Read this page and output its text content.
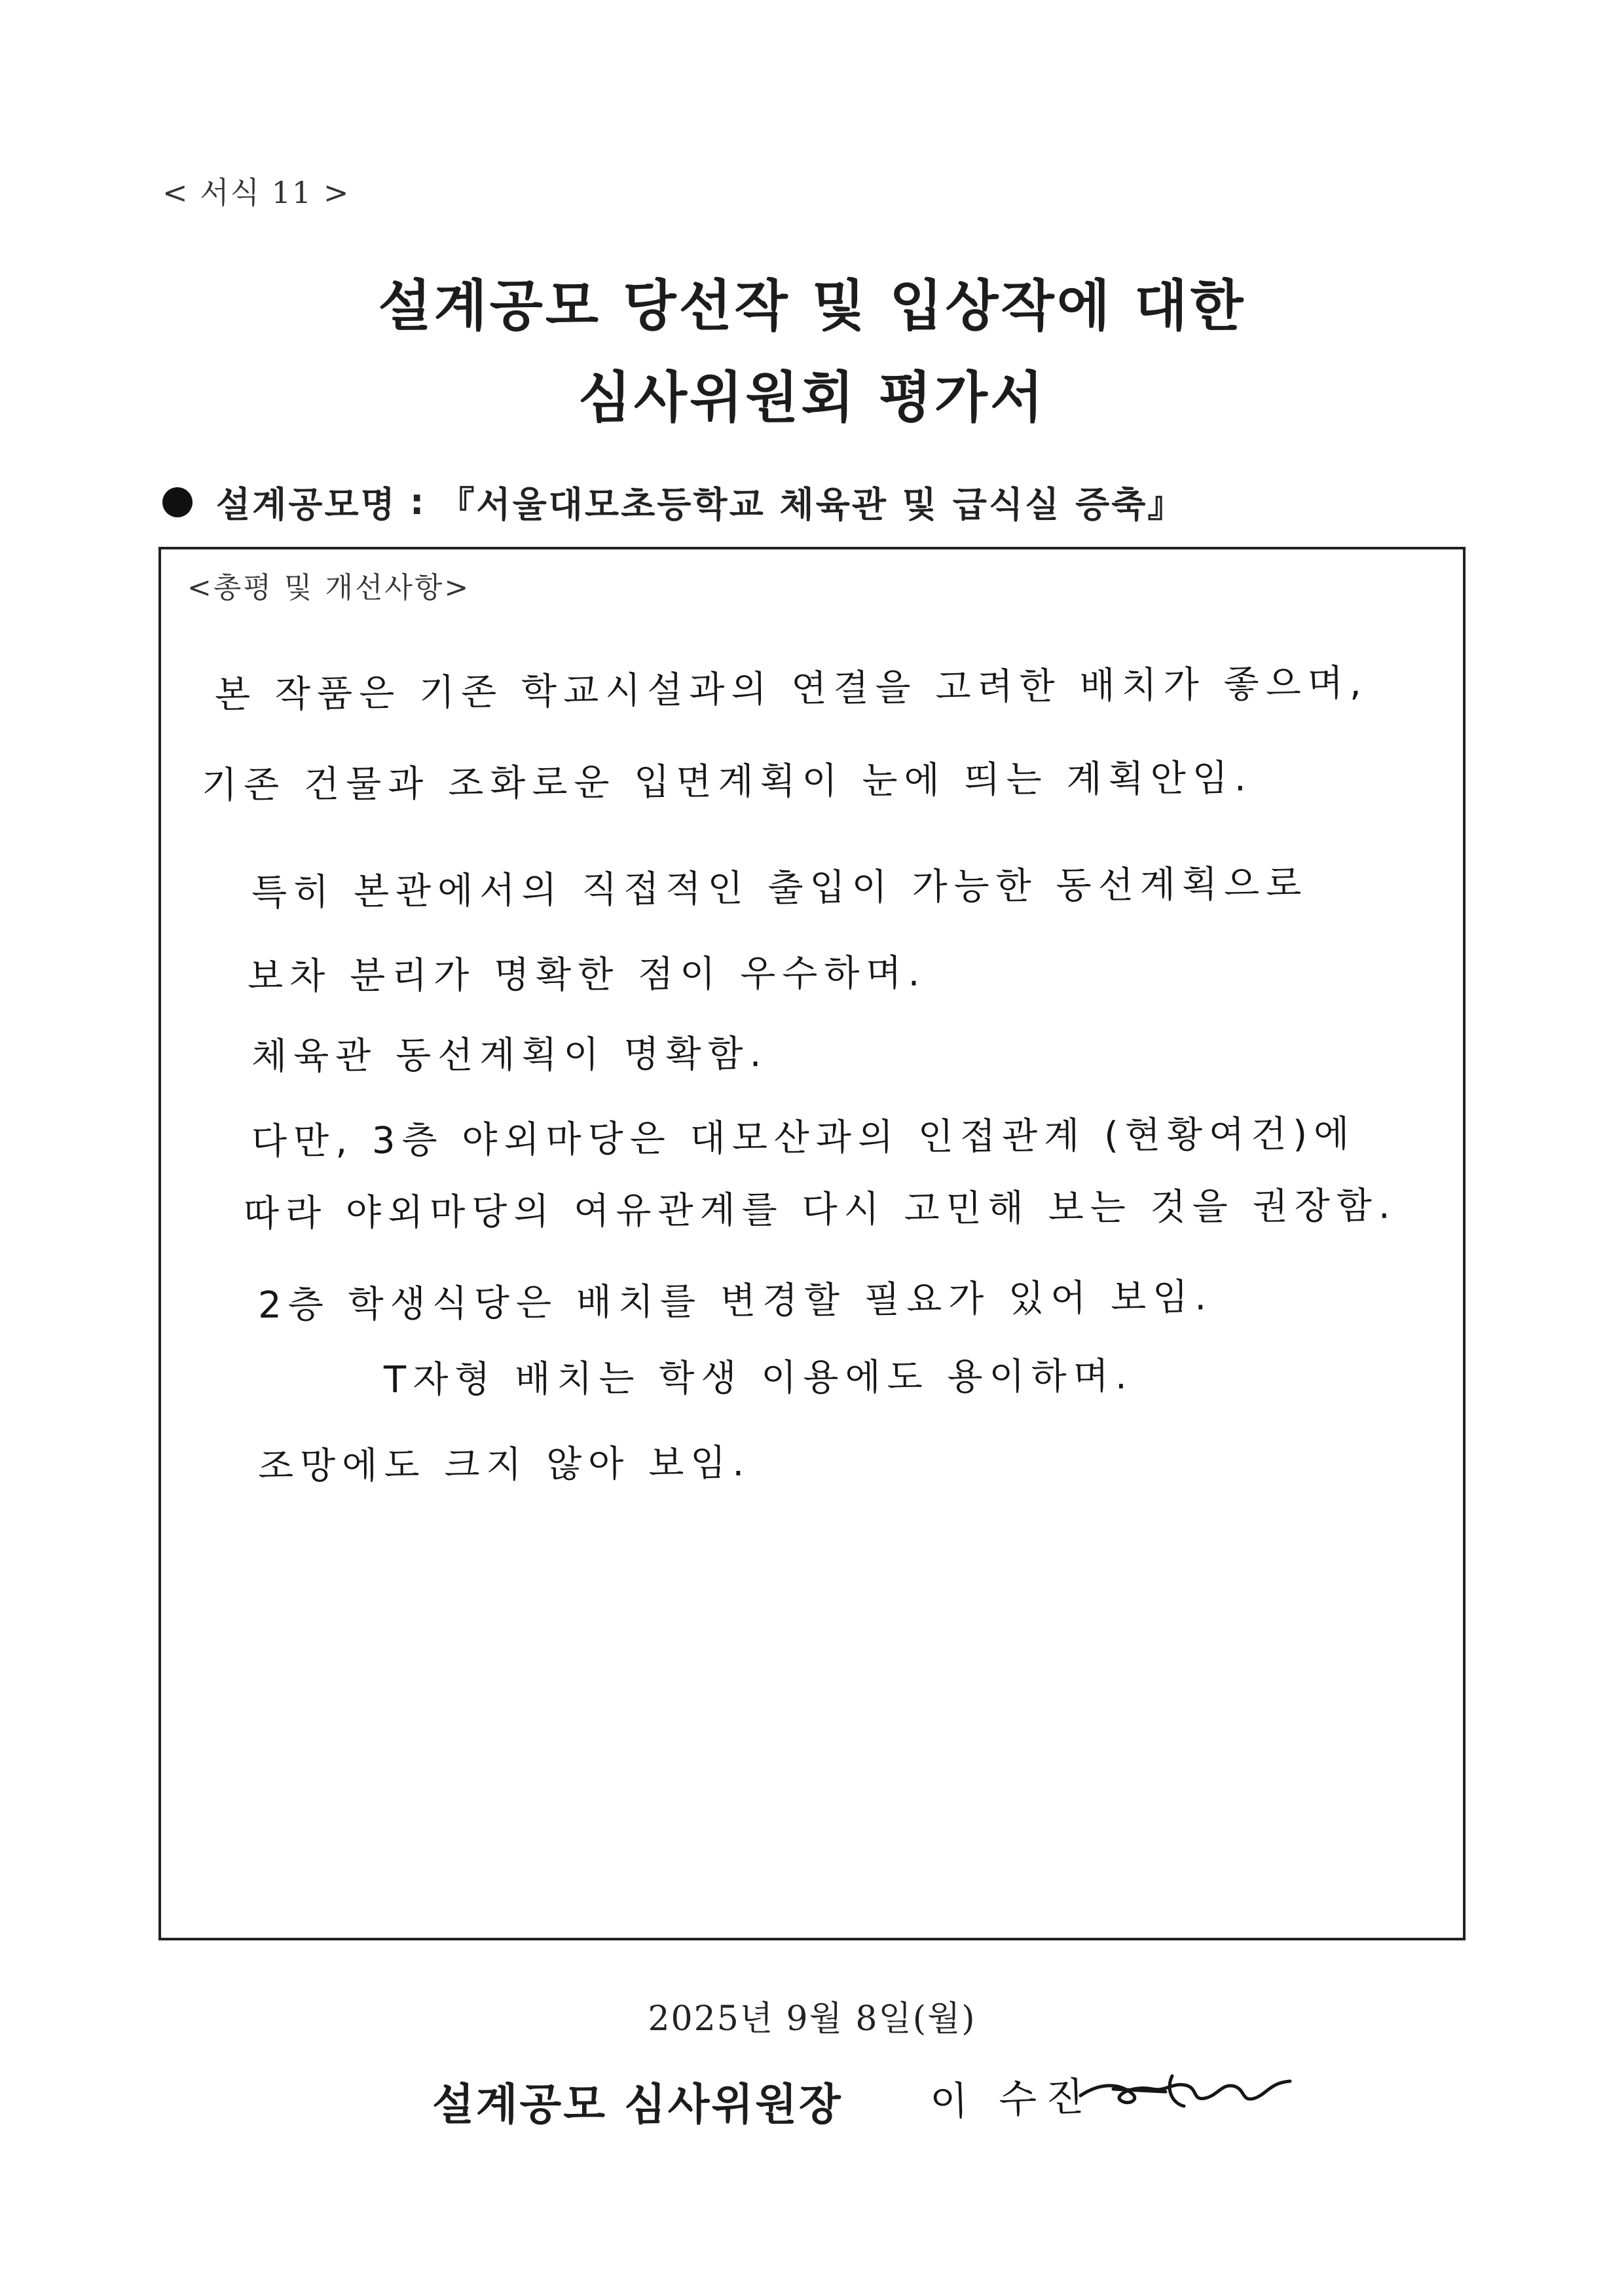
< 서식 11 >
설계공모 당선작 및 입상작에 대한
심사위원회 평가서
설계공모명 : 『서울대모초등학교 체육관 및 급식실 증축』
<총평 및 개선사항>
본 작품은 기존 학교시설과의 연결을 고려한 배치가 좋으며,
기존 건물과 조화로운 입면계획이 눈에 띄는 계획안임.
특히 본관에서의 직접적인 출입이 가능한 동선계획으로
보차 분리가 명확한 점이 우수하며.
체육관 동선계획이 명확함.
다만, 3층 야외마당은 대모산과의 인접관계 (현황여건)에
따라 야외마당의 여유관계를 다시 고민해 보는 것을 권장함.
2층 학생식당은 배치를 변경할 필요가 있어 보임.
T자형 배치는 학생 이용에도 용이하며.
조망에도 크지 않아 보임.
2025년 9월 8일(월)
설계공모 심사위원장 이 수진
